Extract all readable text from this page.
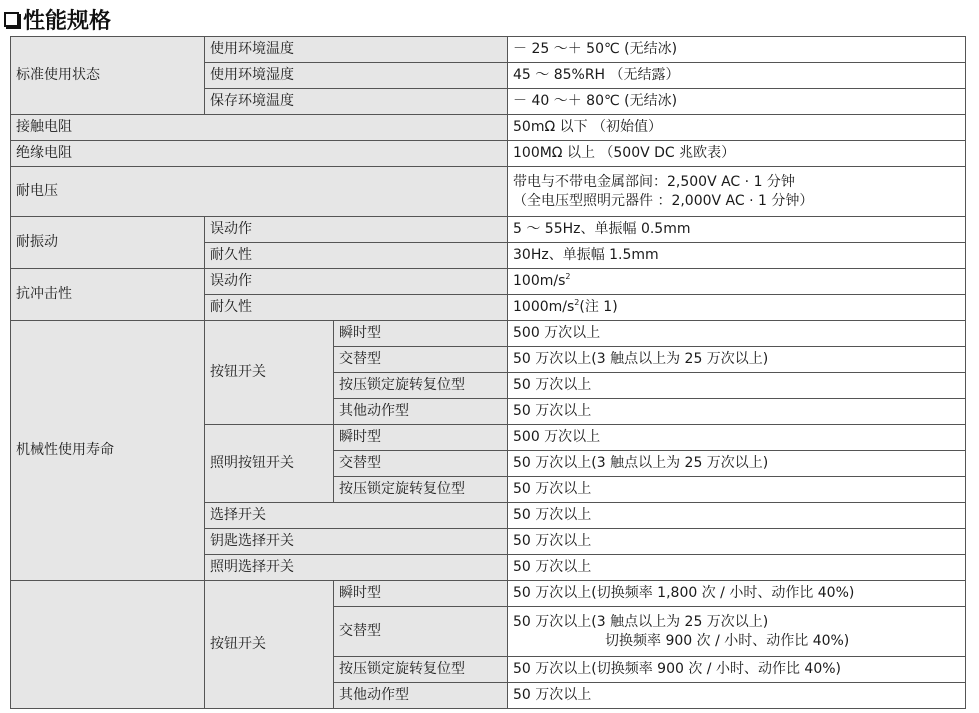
性能规格
标准使用状态	使用环境温度		－ 25 ～＋ 50℃ (无结冰)
	使用环境湿度		45 ～ 85%RH （无结露）
	保存环境温度		－ 40 ～＋ 80℃ (无结冰)
接触电阻			50mΩ 以下 （初始值）
绝缘电阻			100MΩ 以上 （500V DC 兆欧表）
耐电压			带电与不带电金属部间：2,500V AC · 1 分钟
（全电压型照明元器件 ：2,000V AC · 1 分钟）

耐振动	误动作		5 ～ 55Hz、单振幅 0.5mm
	耐久性		30Hz、单振幅 1.5mm
抗冲击性	误动作		$100m/s^2$
	耐久性		$1000m/s^2$(注 1)
机械性使用寿命	按钮开关	瞬时型	500 万次以上
		交替型	50 万次以上(3 触点以上为 25 万次以上)
		按压锁定旋转复位型	50 万次以上
		其他动作型	50 万次以上
	照明按钮开关	瞬时型	500 万次以上
		交替型	50 万次以上(3 触点以上为 25 万次以上)
		按压锁定旋转复位型	50 万次以上
	选择开关		50 万次以上
	钥匙选择开关		50 万次以上
	照明选择开关		50 万次以上
	按钮开关	瞬时型	50 万次以上(切换频率 1,800 次 / 小时、动作比 40%)
		交替型	50 万次以上(3 触点以上为 25 万次以上)
切换频率 900 次 / 小时、动作比 40%)

		按压锁定旋转复位型	50 万次以上(切换频率 900 次 / 小时、动作比 40%)
		其他动作型	50 万次以上
